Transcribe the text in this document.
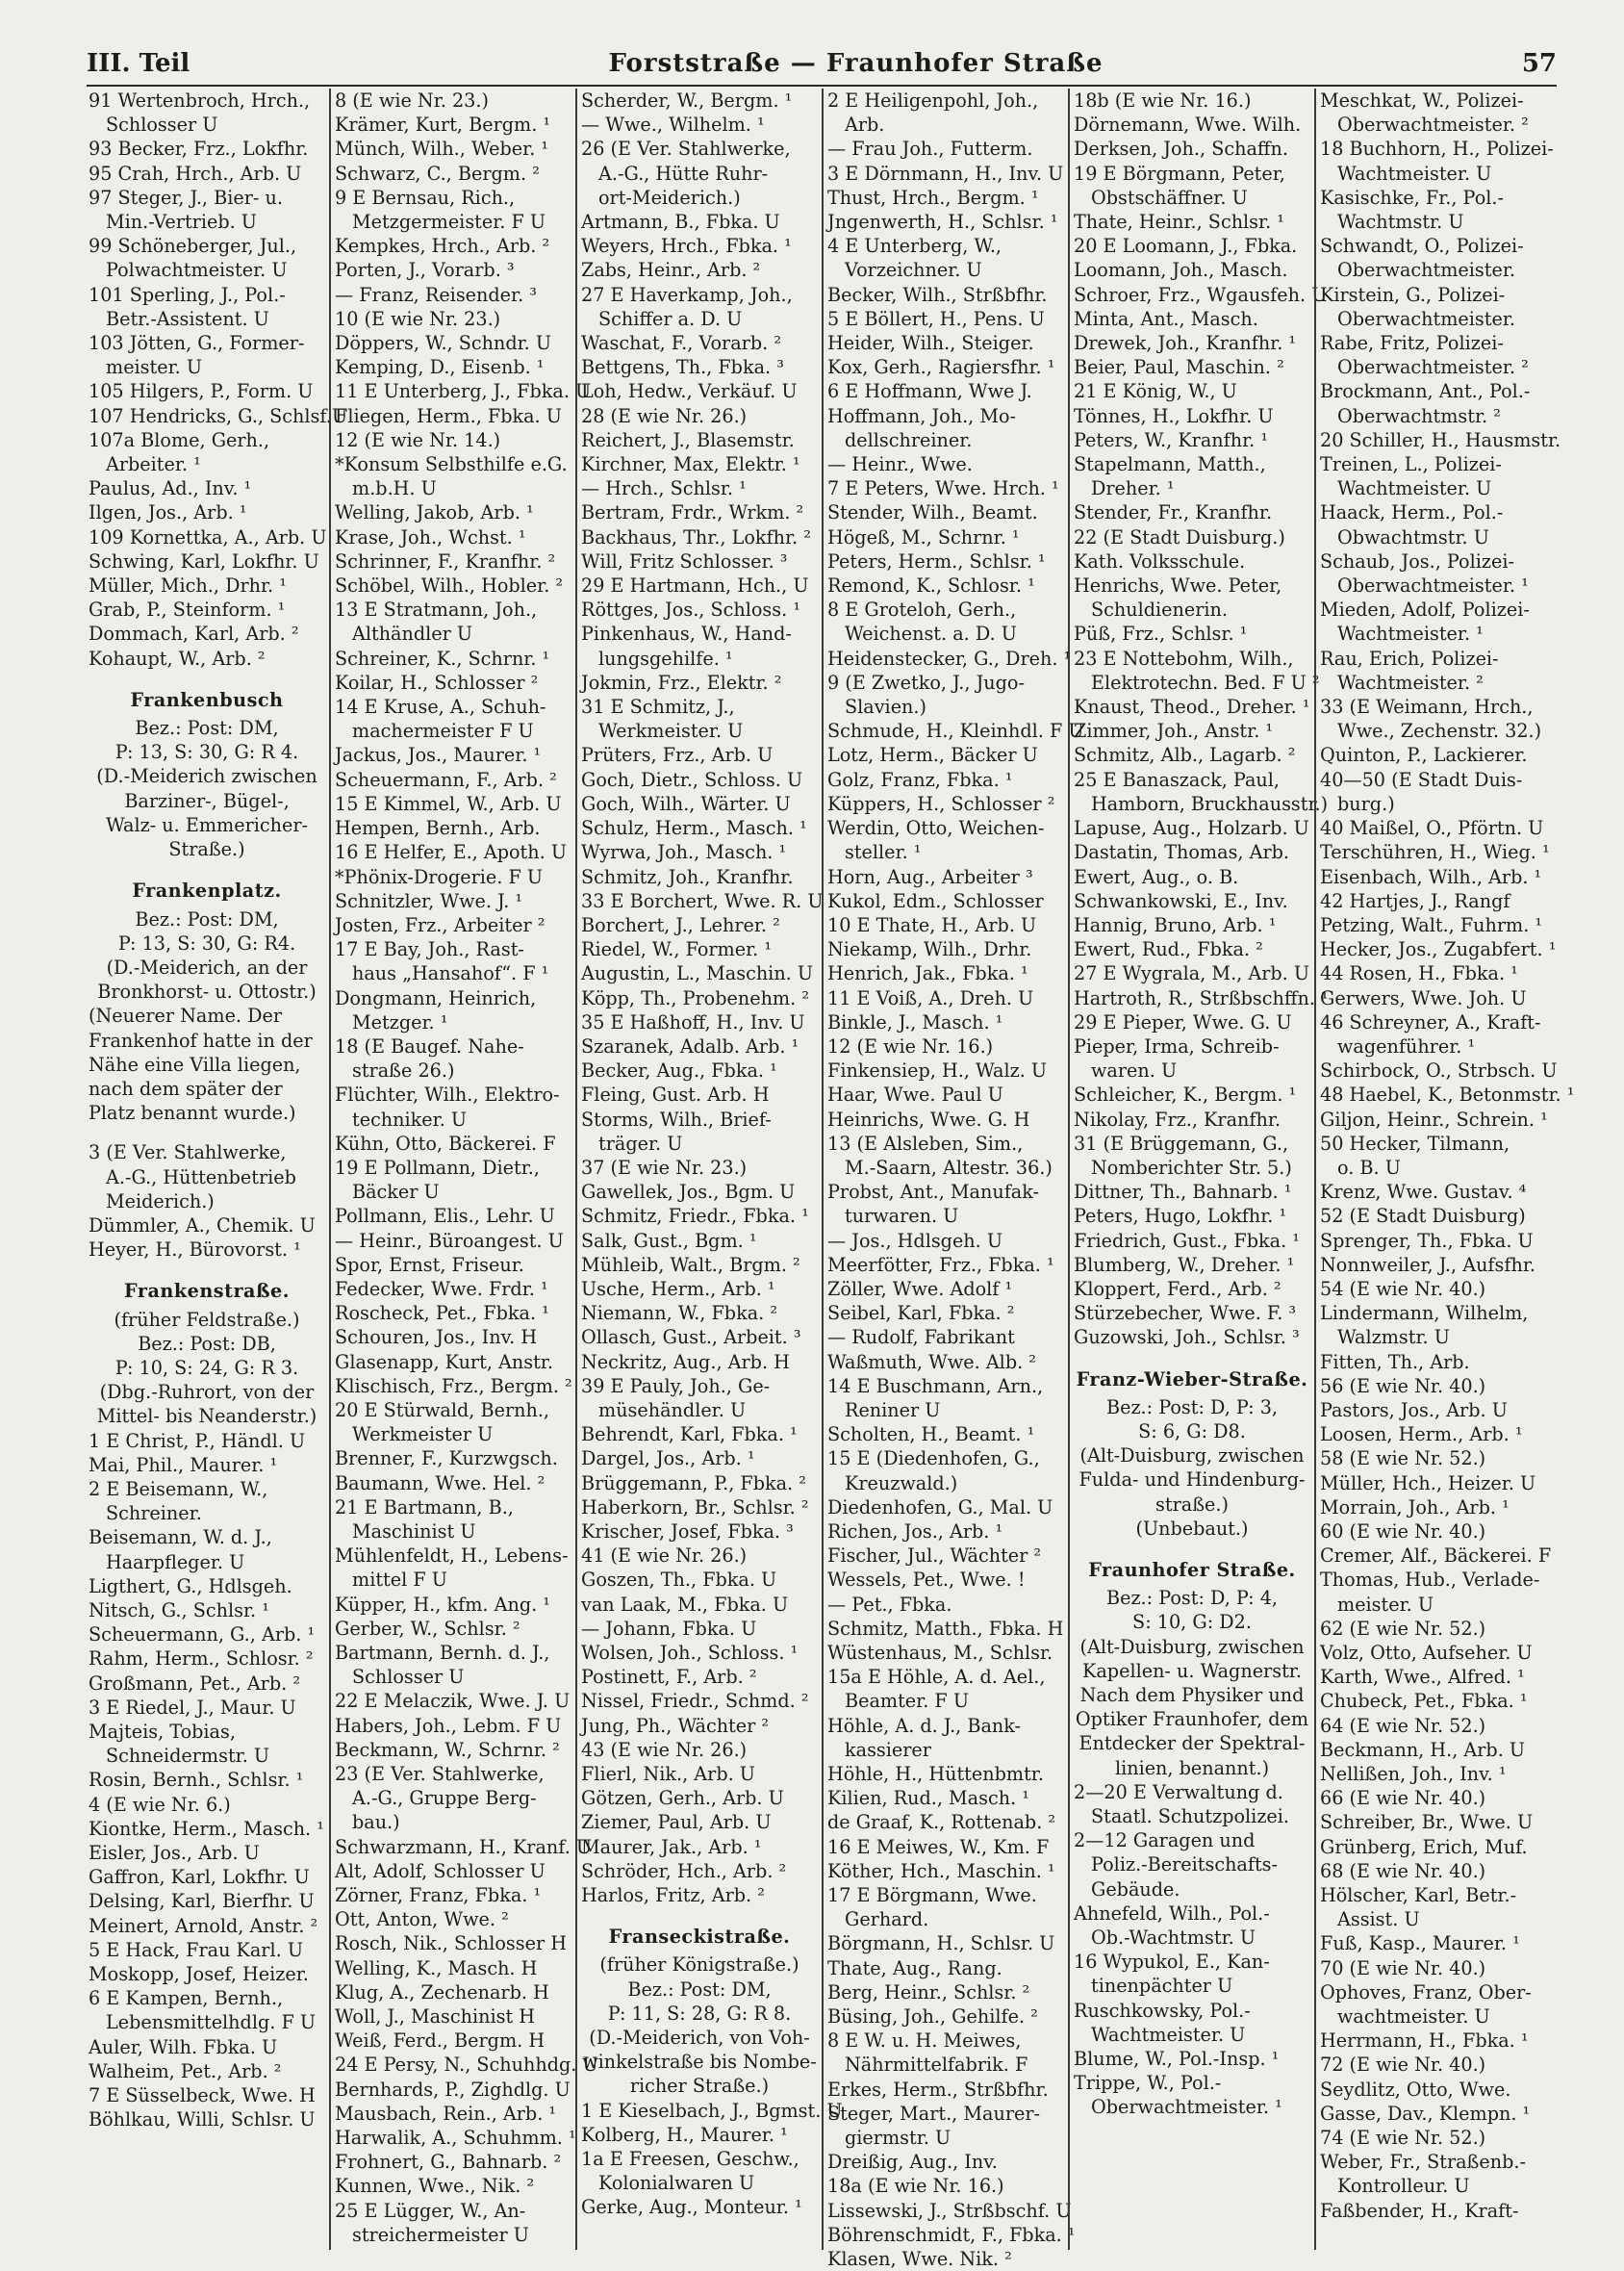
III. Teil	Forststraße — Fraunhofer Straße	57
91 Wertenbroch, Hrch.,
Schlosser U
93 Becker, Frz., Lokfhr.
95 Crah, Hrch., Arb. U
97 Steger, J., Bier- u.
Min.-Vertrieb. U
99 Schöneberger, Jul.,
Polwachtmeister. U
101 Sperling, J., Pol.-
Betr.-Assistent. U
103 Jötten, G., Former-
meister. U
105 Hilgers, P., Form. U
107 Hendricks, G., Schlsf.U
107a Blome, Gerh.,
Arbeiter. ¹
Paulus, Ad., Inv. ¹
Ilgen, Jos., Arb. ¹
109 Kornettka, A., Arb. U
Schwing, Karl, Lokfhr. U
Müller, Mich., Drhr. ¹
Grab, P., Steinform. ¹
Dommach, Karl, Arb. ²
Kohaupt, W., Arb. ²
Frankenbusch
Bez.: Post: DM,
P: 13, S: 30, G: R 4.
(D.-Meiderich zwischen
Barziner-, Bügel-,
Walz- u. Emmericher-
Straße.)
Frankenplatz.
Bez.: Post: DM,
P: 13, S: 30, G: R4.
(D.-Meiderich, an der
Bronkhorst- u. Ottostr.)
(Neuerer Name. Der
Frankenhof hatte in der
Nähe eine Villa liegen,
nach dem später der
Platz benannt wurde.)
3 (E Ver. Stahlwerke,
A.-G., Hüttenbetrieb
Meiderich.)
Dümmler, A., Chemik. U
Heyer, H., Bürovorst. ¹
Frankenstraße.
(früher Feldstraße.)
Bez.: Post: DB,
P: 10, S: 24, G: R 3.
(Dbg.-Ruhrort, von der
Mittel- bis Neanderstr.)
1 E Christ, P., Händl. U
Mai, Phil., Maurer. ¹
2 E Beisemann, W.,
Schreiner.
Beisemann, W. d. J.,
Haarpfleger. U
Ligthert, G., Hdlsgeh.
Nitsch, G., Schlsr. ¹
Scheuermann, G., Arb. ¹
Rahm, Herm., Schlosr. ²
Großmann, Pet., Arb. ²
3 E Riedel, J., Maur. U
Majteis, Tobias,
Schneidermstr. U
Rosin, Bernh., Schlsr. ¹
4 (E wie Nr. 6.)
Kiontke, Herm., Masch. ¹
Eisler, Jos., Arb. U
Gaffron, Karl, Lokfhr. U
Delsing, Karl, Bierfhr. U
Meinert, Arnold, Anstr. ²
5 E Hack, Frau Karl. U
Moskopp, Josef, Heizer.
6 E Kampen, Bernh.,
Lebensmittelhdlg. F U
Auler, Wilh. Fbka. U
Walheim, Pet., Arb. ²
7 E Süsselbeck, Wwe. H
Böhlkau, Willi, Schlsr. U
8 (E wie Nr. 23.)
Krämer, Kurt, Bergm. ¹
Münch, Wilh., Weber. ¹
Schwarz, C., Bergm. ²
9 E Bernsau, Rich.,
Metzgermeister. F U
Kempkes, Hrch., Arb. ²
Porten, J., Vorarb. ³
— Franz, Reisender. ³
10 (E wie Nr. 23.)
Döppers, W., Schndr. U
Kemping, D., Eisenb. ¹
11 E Unterberg, J., Fbka. U
Fliegen, Herm., Fbka. U
12 (E wie Nr. 14.)
*Konsum Selbsthilfe e.G.
m.b.H. U
Welling, Jakob, Arb. ¹
Krase, Joh., Wchst. ¹
Schrinner, F., Kranfhr. ²
Schöbel, Wilh., Hobler. ²
13 E Stratmann, Joh.,
Althändler U
Schreiner, K., Schrnr. ¹
Koilar, H., Schlosser ²
14 E Kruse, A., Schuh-
machermeister F U
Jackus, Jos., Maurer. ¹
Scheuermann, F., Arb. ²
15 E Kimmel, W., Arb. U
Hempen, Bernh., Arb.
16 E Helfer, E., Apoth. U
*Phönix-Drogerie. F U
Schnitzler, Wwe. J. ¹
Josten, Frz., Arbeiter ²
17 E Bay, Joh., Rast-
haus „Hansahof“. F ¹
Dongmann, Heinrich,
Metzger. ¹
18 (E Baugef. Nahe-
straße 26.)
Flüchter, Wilh., Elektro-
techniker. U
Kühn, Otto, Bäckerei. F
19 E Pollmann, Dietr.,
Bäcker U
Pollmann, Elis., Lehr. U
— Heinr., Büroangest. U
Spor, Ernst, Friseur.
Fedecker, Wwe. Frdr. ¹
Roscheck, Pet., Fbka. ¹
Schouren, Jos., Inv. H
Glasenapp, Kurt, Anstr.
Klischisch, Frz., Bergm. ²
20 E Stürwald, Bernh.,
Werkmeister U
Brenner, F., Kurzwgsch.
Baumann, Wwe. Hel. ²
21 E Bartmann, B.,
Maschinist U
Mühlenfeldt, H., Lebens-
mittel F U
Küpper, H., kfm. Ang. ¹
Gerber, W., Schlsr. ²
Bartmann, Bernh. d. J.,
Schlosser U
22 E Melaczik, Wwe. J. U
Habers, Joh., Lebm. F U
Beckmann, W., Schrnr. ²
23 (E Ver. Stahlwerke,
A.-G., Gruppe Berg-
bau.)
Schwarzmann, H., Kranf. U
Alt, Adolf, Schlosser U
Zörner, Franz, Fbka. ¹
Ott, Anton, Wwe. ²
Rosch, Nik., Schlosser H
Welling, K., Masch. H
Klug, A., Zechenarb. H
Woll, J., Maschinist H
Weiß, Ferd., Bergm. H
24 E Persy, N., Schuhhdg. U
Bernhards, P., Zighdlg. U
Mausbach, Rein., Arb. ¹
Harwalik, A., Schuhmm. ¹
Frohnert, G., Bahnarb. ²
Kunnen, Wwe., Nik. ²
25 E Lügger, W., An-
streichermeister U
Scherder, W., Bergm. ¹
— Wwe., Wilhelm. ¹
26 (E Ver. Stahlwerke,
A.-G., Hütte Ruhr-
ort-Meiderich.)
Artmann, B., Fbka. U
Weyers, Hrch., Fbka. ¹
Zabs, Heinr., Arb. ²
27 E Haverkamp, Joh.,
Schiffer a. D. U
Waschat, F., Vorarb. ²
Bettgens, Th., Fbka. ³
Loh, Hedw., Verkäuf. U
28 (E wie Nr. 26.)
Reichert, J., Blasemstr.
Kirchner, Max, Elektr. ¹
— Hrch., Schlsr. ¹
Bertram, Frdr., Wrkm. ²
Backhaus, Thr., Lokfhr. ²
Will, Fritz Schlosser. ³
29 E Hartmann, Hch., U
Röttges, Jos., Schloss. ¹
Pinkenhaus, W., Hand-
lungsgehilfe. ¹
Jokmin, Frz., Elektr. ²
31 E Schmitz, J.,
Werkmeister. U
Prüters, Frz., Arb. U
Goch, Dietr., Schloss. U
Goch, Wilh., Wärter. U
Schulz, Herm., Masch. ¹
Wyrwa, Joh., Masch. ¹
Schmitz, Joh., Kranfhr.
33 E Borchert, Wwe. R. U
Borchert, J., Lehrer. ²
Riedel, W., Former. ¹
Augustin, L., Maschin. U
Köpp, Th., Probenehm. ²
35 E Haßhoff, H., Inv. U
Szaranek, Adalb. Arb. ¹
Becker, Aug., Fbka. ¹
Fleing, Gust. Arb. H
Storms, Wilh., Brief-
träger. U
37 (E wie Nr. 23.)
Gawellek, Jos., Bgm. U
Schmitz, Friedr., Fbka. ¹
Salk, Gust., Bgm. ¹
Mühleib, Walt., Brgm. ²
Usche, Herm., Arb. ¹
Niemann, W., Fbka. ²
Ollasch, Gust., Arbeit. ³
Neckritz, Aug., Arb. H
39 E Pauly, Joh., Ge-
müsehändler. U
Behrendt, Karl, Fbka. ¹
Dargel, Jos., Arb. ¹
Brüggemann, P., Fbka. ²
Haberkorn, Br., Schlsr. ²
Krischer, Josef, Fbka. ³
41 (E wie Nr. 26.)
Goszen, Th., Fbka. U
van Laak, M., Fbka. U
— Johann, Fbka. U
Wolsen, Joh., Schloss. ¹
Postinett, F., Arb. ²
Nissel, Friedr., Schmd. ²
Jung, Ph., Wächter ²
43 (E wie Nr. 26.)
Flierl, Nik., Arb. U
Götzen, Gerh., Arb. U
Ziemer, Paul, Arb. U
Maurer, Jak., Arb. ¹
Schröder, Hch., Arb. ²
Harlos, Fritz, Arb. ²
Franseckistraße.
(früher Königstraße.)
Bez.: Post: DM,
P: 11, S: 28, G: R 8.
(D.-Meiderich, von Voh-
winkelstraße bis Nombe-
richer Straße.)
1 E Kieselbach, J., Bgmst. U
Kolberg, H., Maurer. ¹
1a E Freesen, Geschw.,
Kolonialwaren U
Gerke, Aug., Monteur. ¹
2 E Heiligenpohl, Joh.,
Arb.
— Frau Joh., Futterm.
3 E Dörnmann, H., Inv. U
Thust, Hrch., Bergm. ¹
Jngenwerth, H., Schlsr. ¹
4 E Unterberg, W.,
Vorzeichner. U
Becker, Wilh., Strßbfhr.
5 E Böllert, H., Pens. U
Heider, Wilh., Steiger.
Kox, Gerh., Ragiersfhr. ¹
6 E Hoffmann, Wwe J.
Hoffmann, Joh., Mo-
dellschreiner.
— Heinr., Wwe.
7 E Peters, Wwe. Hrch. ¹
Stender, Wilh., Beamt.
Högeß, M., Schrnr. ¹
Peters, Herm., Schlsr. ¹
Remond, K., Schlosr. ¹
8 E Groteloh, Gerh.,
Weichenst. a. D. U
Heidenstecker, G., Dreh. ¹
9 (E Zwetko, J., Jugo-
Slavien.)
Schmude, H., Kleinhdl. F U
Lotz, Herm., Bäcker U
Golz, Franz, Fbka. ¹
Küppers, H., Schlosser ²
Werdin, Otto, Weichen-
steller. ¹
Horn, Aug., Arbeiter ³
Kukol, Edm., Schlosser
10 E Thate, H., Arb. U
Niekamp, Wilh., Drhr.
Henrich, Jak., Fbka. ¹
11 E Voiß, A., Dreh. U
Binkle, J., Masch. ¹
12 (E wie Nr. 16.)
Finkensiep, H., Walz. U
Haar, Wwe. Paul U
Heinrichs, Wwe. G. H
13 (E Alsleben, Sim.,
M.-Saarn, Altestr. 36.)
Probst, Ant., Manufak-
turwaren. U
— Jos., Hdlsgeh. U
Meerfötter, Frz., Fbka. ¹
Zöller, Wwe. Adolf ¹
Seibel, Karl, Fbka. ²
— Rudolf, Fabrikant
Waßmuth, Wwe. Alb. ²
14 E Buschmann, Arn.,
Reniner U
Scholten, H., Beamt. ¹
15 E (Diedenhofen, G.,
Kreuzwald.)
Diedenhofen, G., Mal. U
Richen, Jos., Arb. ¹
Fischer, Jul., Wächter ²
Wessels, Pet., Wwe. !
— Pet., Fbka.
Schmitz, Matth., Fbka. H
Wüstenhaus, M., Schlsr.
15a E Höhle, A. d. Ael.,
Beamter. F U
Höhle, A. d. J., Bank-
kassierer
Höhle, H., Hüttenbmtr.
Kilien, Rud., Masch. ¹
de Graaf, K., Rottenab. ²
16 E Meiwes, W., Km. F
Köther, Hch., Maschin. ¹
17 E Börgmann, Wwe.
Gerhard.
Börgmann, H., Schlsr. U
Thate, Aug., Rang.
Berg, Heinr., Schlsr. ²
Büsing, Joh., Gehilfe. ²
8 E W. u. H. Meiwes,
Nährmittelfabrik. F
Erkes, Herm., Strßbfhr.
Steger, Mart., Maurer-
giermstr. U
Dreißig, Aug., Inv.
18a (E wie Nr. 16.)
Lissewski, J., Strßbschf. U
Böhrenschmidt, F., Fbka. ¹
Klasen, Wwe. Nik. ²
18b (E wie Nr. 16.)
Dörnemann, Wwe. Wilh.
Derksen, Joh., Schaffn.
19 E Börgmann, Peter,
Obstschäffner. U
Thate, Heinr., Schlsr. ¹
20 E Loomann, J., Fbka.
Loomann, Joh., Masch.
Schroer, Frz., Wgausfeh. U
Minta, Ant., Masch.
Drewek, Joh., Kranfhr. ¹
Beier, Paul, Maschin. ²
21 E König, W., U
Tönnes, H., Lokfhr. U
Peters, W., Kranfhr. ¹
Stapelmann, Matth.,
Dreher. ¹
Stender, Fr., Kranfhr.
22 (E Stadt Duisburg.)
Kath. Volksschule.
Henrichs, Wwe. Peter,
Schuldienerin.
Püß, Frz., Schlsr. ¹
23 E Nottebohm, Wilh.,
Elektrotechn. Bed. F U ²
Knaust, Theod., Dreher. ¹
Zimmer, Joh., Anstr. ¹
Schmitz, Alb., Lagarb. ²
25 E Banaszack, Paul,
Hamborn, Bruckhausstr.)
Lapuse, Aug., Holzarb. U
Dastatin, Thomas, Arb.
Ewert, Aug., o. B.
Schwankowski, E., Inv.
Hannig, Bruno, Arb. ¹
Ewert, Rud., Fbka. ²
27 E Wygrala, M., Arb. U
Hartroth, R., Strßbschffn. ¹
29 E Pieper, Wwe. G. U
Pieper, Irma, Schreib-
waren. U
Schleicher, K., Bergm. ¹
Nikolay, Frz., Kranfhr.
31 (E Brüggemann, G.,
Nomberichter Str. 5.)
Dittner, Th., Bahnarb. ¹
Peters, Hugo, Lokfhr. ¹
Friedrich, Gust., Fbka. ¹
Blumberg, W., Dreher. ¹
Kloppert, Ferd., Arb. ²
Stürzebecher, Wwe. F. ³
Guzowski, Joh., Schlsr. ³
Franz-Wieber-Straße.
Bez.: Post: D, P: 3,
S: 6, G: D8.
(Alt-Duisburg, zwischen
Fulda- und Hindenburg-
straße.)
(Unbebaut.)
Fraunhofer Straße.
Bez.: Post: D, P: 4,
S: 10, G: D2.
(Alt-Duisburg, zwischen
Kapellen- u. Wagnerstr.
Nach dem Physiker und
Optiker Fraunhofer, dem
Entdecker der Spektral-
linien, benannt.)
2—20 E Verwaltung d.
Staatl. Schutzpolizei.
2—12 Garagen und
Poliz.-Bereitschafts-
Gebäude.
Ahnefeld, Wilh., Pol.-
Ob.-Wachtmstr. U
16 Wypukol, E., Kan-
tinenpächter U
Ruschkowsky, Pol.-
Wachtmeister. U
Blume, W., Pol.-Insp. ¹
Trippe, W., Pol.-
Oberwachtmeister. ¹
Meschkat, W., Polizei-
Oberwachtmeister. ²
18 Buchhorn, H., Polizei-
Wachtmeister. U
Kasischke, Fr., Pol.-
Wachtmstr. U
Schwandt, O., Polizei-
Oberwachtmeister.
Kirstein, G., Polizei-
Oberwachtmeister.
Rabe, Fritz, Polizei-
Oberwachtmeister. ²
Brockmann, Ant., Pol.-
Oberwachtmstr. ²
20 Schiller, H., Hausmstr.
Treinen, L., Polizei-
Wachtmeister. U
Haack, Herm., Pol.-
Obwachtmstr. U
Schaub, Jos., Polizei-
Oberwachtmeister. ¹
Mieden, Adolf, Polizei-
Wachtmeister. ¹
Rau, Erich, Polizei-
Wachtmeister. ²
33 (E Weimann, Hrch.,
Wwe., Zechenstr. 32.)
Quinton, P., Lackierer.
40—50 (E Stadt Duis-
burg.)
40 Maißel, O., Pförtn. U
Terschühren, H., Wieg. ¹
Eisenbach, Wilh., Arb. ¹
42 Hartjes, J., Rangf
Petzing, Walt., Fuhrm. ¹
Hecker, Jos., Zugabfert. ¹
44 Rosen, H., Fbka. ¹
Gerwers, Wwe. Joh. U
46 Schreyner, A., Kraft-
wagenführer. ¹
Schirbock, O., Strbsch. U
48 Haebel, K., Betonmstr. ¹
Giljon, Heinr., Schrein. ¹
50 Hecker, Tilmann,
o. B. U
Krenz, Wwe. Gustav. ⁴
52 (E Stadt Duisburg)
Sprenger, Th., Fbka. U
Nonnweiler, J., Aufsfhr.
54 (E wie Nr. 40.)
Lindermann, Wilhelm,
Walzmstr. U
Fitten, Th., Arb.
56 (E wie Nr. 40.)
Pastors, Jos., Arb. U
Loosen, Herm., Arb. ¹
58 (E wie Nr. 52.)
Müller, Hch., Heizer. U
Morrain, Joh., Arb. ¹
60 (E wie Nr. 40.)
Cremer, Alf., Bäckerei. F
Thomas, Hub., Verlade-
meister. U
62 (E wie Nr. 52.)
Volz, Otto, Aufseher. U
Karth, Wwe., Alfred. ¹
Chubeck, Pet., Fbka. ¹
64 (E wie Nr. 52.)
Beckmann, H., Arb. U
Nellißen, Joh., Inv. ¹
66 (E wie Nr. 40.)
Schreiber, Br., Wwe. U
Grünberg, Erich, Muf.
68 (E wie Nr. 40.)
Hölscher, Karl, Betr.-
Assist. U
Fuß, Kasp., Maurer. ¹
70 (E wie Nr. 40.)
Ophoves, Franz, Ober-
wachtmeister. U
Herrmann, H., Fbka. ¹
72 (E wie Nr. 40.)
Seydlitz, Otto, Wwe.
Gasse, Dav., Klempn. ¹
74 (E wie Nr. 52.)
Weber, Fr., Straßenb.-
Kontrolleur. U
Faßbender, H., Kraft-
